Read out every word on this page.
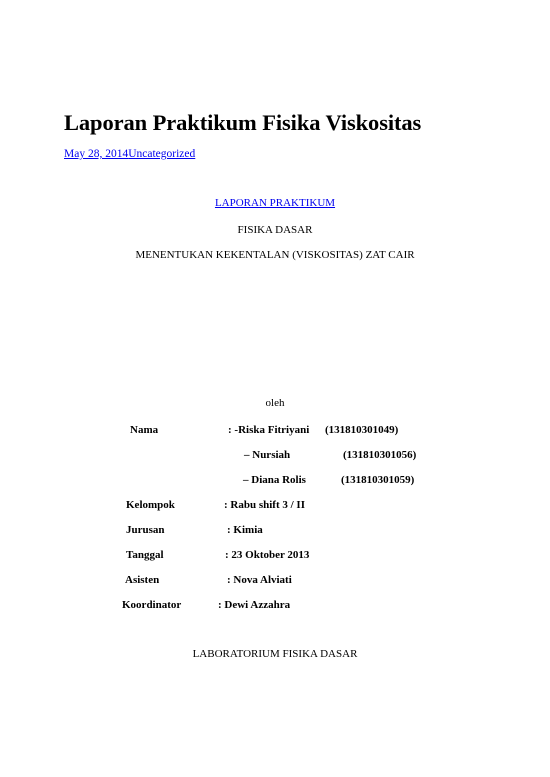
Laporan Praktikum Fisika Viskositas
May 28, 2014Uncategorized
LAPORAN PRAKTIKUM
FISIKA DASAR
MENENTUKAN KEKENTALAN (VISKOSITAS) ZAT CAIR
oleh
Nama	: -Riska Fitriyani (131810301049)
– Nursiah	(131810301056)
– Diana Rolis	(131810301059)
Kelompok	: Rabu shift 3 / II
Jurusan	: Kimia
Tanggal	: 23 Oktober 2013
Asisten	: Nova Alviati
Koordinator	: Dewi Azzahra
LABORATORIUM FISIKA DASAR
